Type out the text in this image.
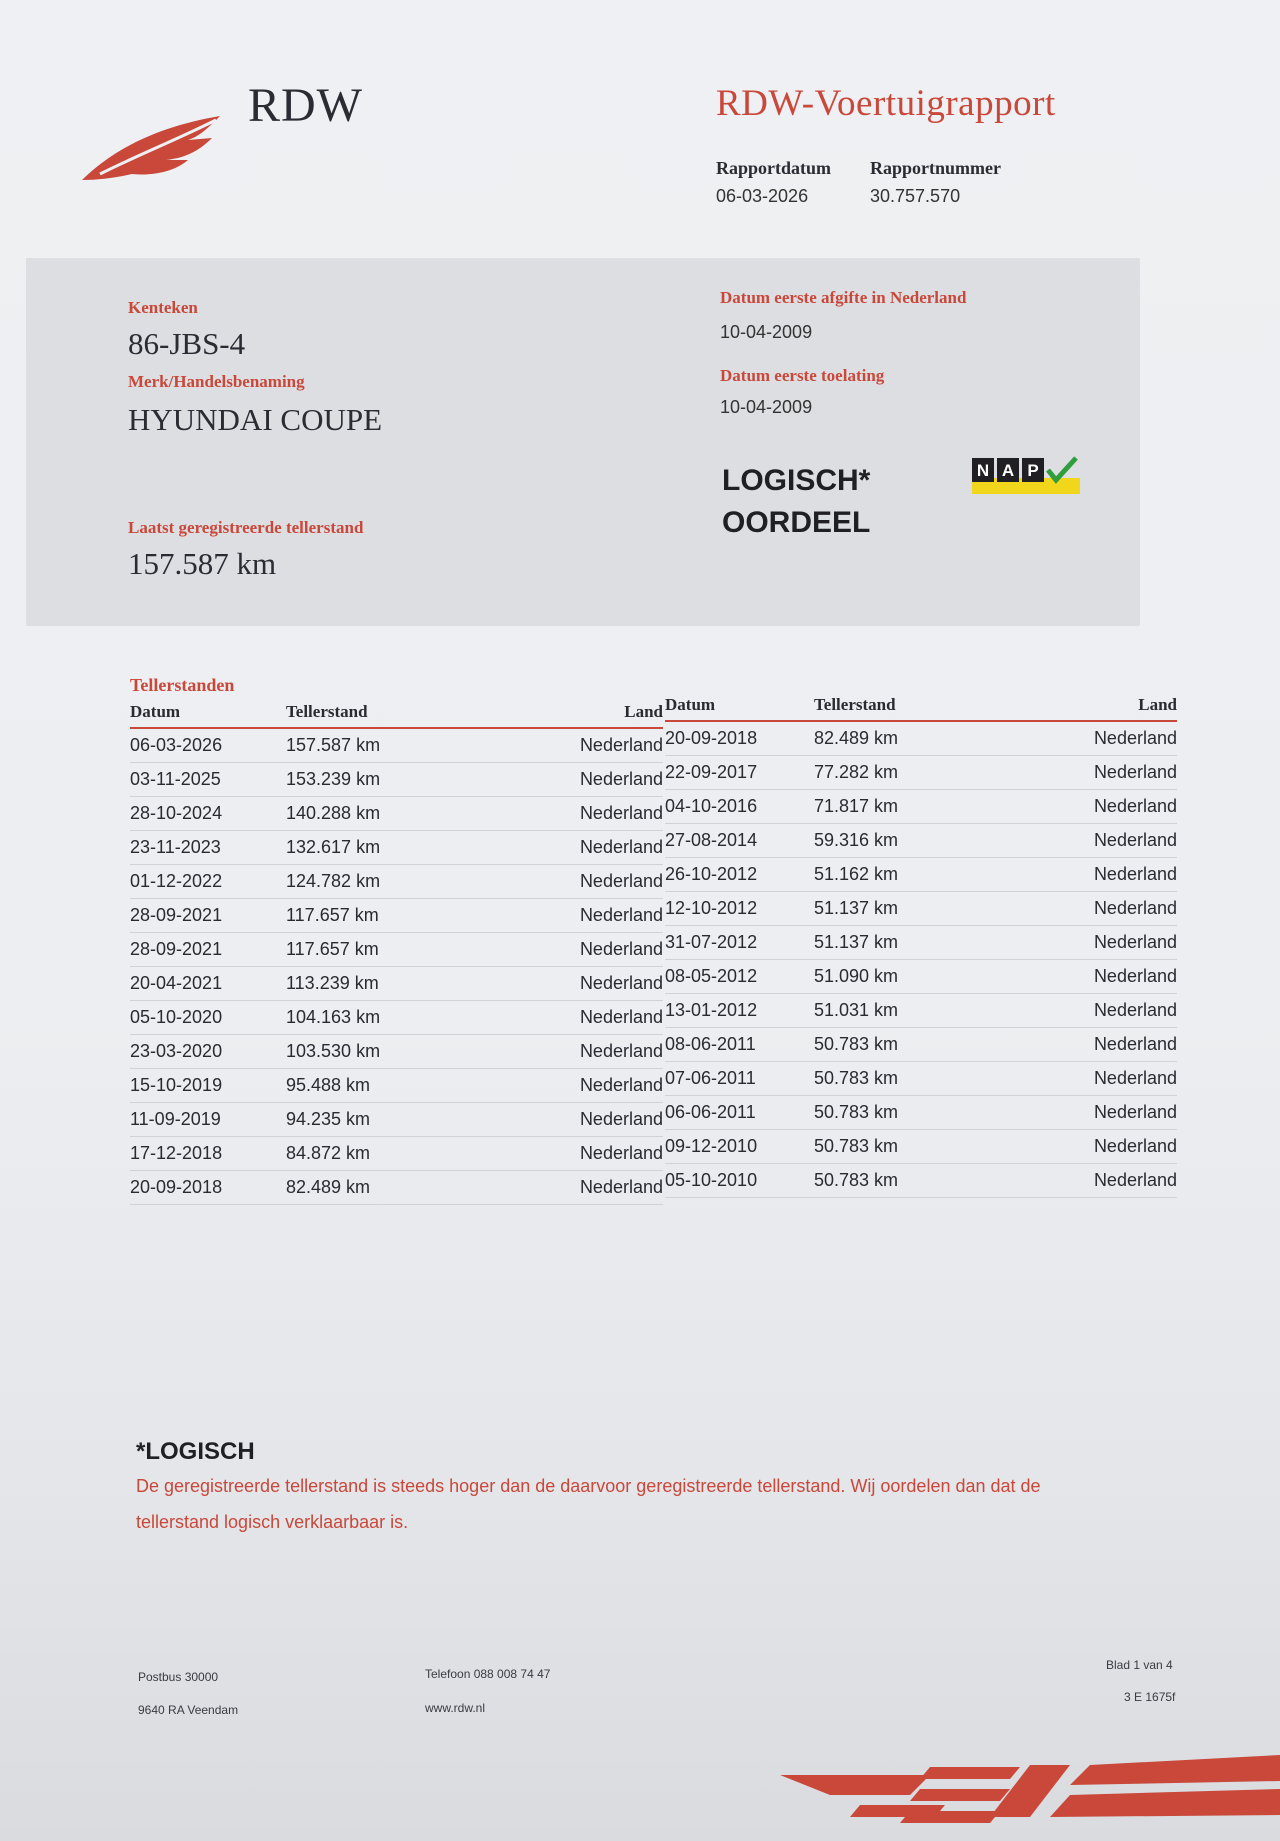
RDW	RDW-Voertuigrapport
Rapportdatum
06-03-2026
Rapportnummer
30.757.570
Kenteken
86-JBS-4
Merk/Handelsbenaming
HYUNDAI COUPE
Laatst geregistreerde tellerstand
157.587 km
Datum eerste afgifte in Nederland
10-04-2009
Datum eerste toelating
10-04-2009
LOGISCH*
OORDEEL
N A P
Tellerstanden
Datum	Tellerstand	Land
06-03-2026	157.587 km	Nederland
03-11-2025	153.239 km	Nederland
28-10-2024	140.288 km	Nederland
23-11-2023	132.617 km	Nederland
01-12-2022	124.782 km	Nederland
28-09-2021	117.657 km	Nederland
28-09-2021	117.657 km	Nederland
20-04-2021	113.239 km	Nederland
05-10-2020	104.163 km	Nederland
23-03-2020	103.530 km	Nederland
15-10-2019	95.488 km	Nederland
11-09-2019	94.235 km	Nederland
17-12-2018	84.872 km	Nederland
20-09-2018	82.489 km	Nederland
Datum	Tellerstand	Land
20-09-2018	82.489 km	Nederland
22-09-2017	77.282 km	Nederland
04-10-2016	71.817 km	Nederland
27-08-2014	59.316 km	Nederland
26-10-2012	51.162 km	Nederland
12-10-2012	51.137 km	Nederland
31-07-2012	51.137 km	Nederland
08-05-2012	51.090 km	Nederland
13-01-2012	51.031 km	Nederland
08-06-2011	50.783 km	Nederland
07-06-2011	50.783 km	Nederland
06-06-2011	50.783 km	Nederland
09-12-2010	50.783 km	Nederland
05-10-2010	50.783 km	Nederland
*LOGISCH
De geregistreerde tellerstand is steeds hoger dan de daarvoor geregistreerde tellerstand. Wij oordelen dan dat de tellerstand logisch verklaarbaar is.
Postbus 30000
9640 RA Veendam
Telefoon 088 008 74 47
www.rdw.nl
Blad 1 van 4
3 E 1675f
